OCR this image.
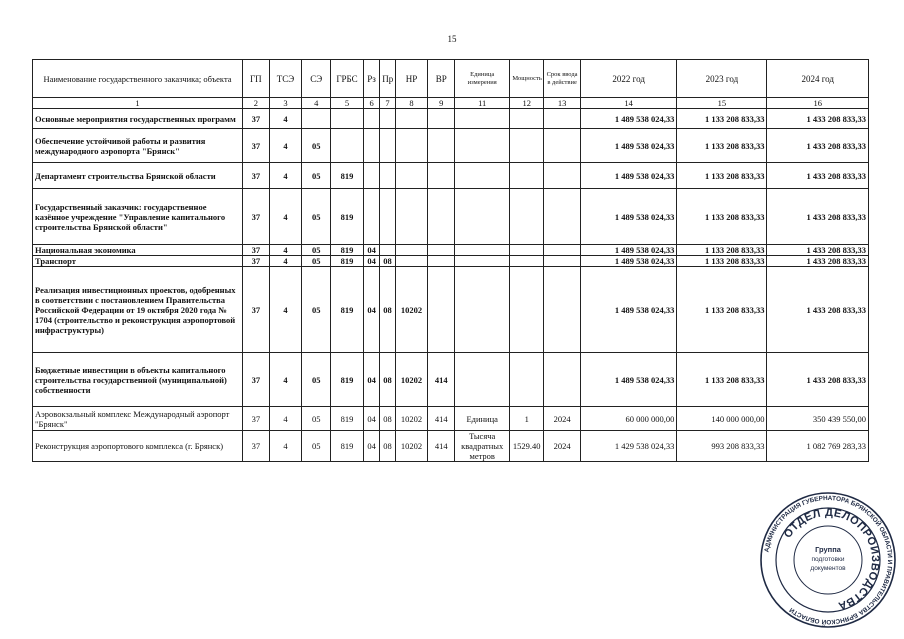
15
Наименование государственного заказчика; объекта	ГП	ТСЭ	СЭ	ГРБС	Рз	Пр	НР	ВР	Единица измерения	Мощность	Срок ввода в действие	2022 год	2023 год	2024 год
1	2	3	4	5	6	7	8	9	11	12	13	14	15	16
Основные мероприятия государственных программ	37	4										1 489 538 024,33	1 133 208 833,33	1 433 208 833,33
Обеспечение устойчивой работы и развития международного аэропорта "Брянск"	37	4	05									1 489 538 024,33	1 133 208 833,33	1 433 208 833,33
Департамент строительства Брянской области	37	4	05	819								1 489 538 024,33	1 133 208 833,33	1 433 208 833,33
Государственный заказчик: государственное казённое учреждение "Управление капитального строительства Брянской области"	37	4	05	819								1 489 538 024,33	1 133 208 833,33	1 433 208 833,33
Национальная экономика	37	4	05	819	04							1 489 538 024,33	1 133 208 833,33	1 433 208 833,33
Транспорт	37	4	05	819	04	08						1 489 538 024,33	1 133 208 833,33	1 433 208 833,33
Реализация инвестиционных проектов, одобренных в соответствии с постановлением Правительства Российской Федерации от 19 октября 2020 года № 1704 (строительство и реконструкция аэропортовой инфраструктуры)	37	4	05	819	04	08	10202					1 489 538 024,33	1 133 208 833,33	1 433 208 833,33
Бюджетные инвестиции в объекты капитального строительства государственной (муниципальной) собственности	37	4	05	819	04	08	10202	414				1 489 538 024,33	1 133 208 833,33	1 433 208 833,33
Аэровокзальный комплекс Международный аэропорт "Брянск"	37	4	05	819	04	08	10202	414	Единица	1	2024	60 000 000,00	140 000 000,00	350 439 550,00
Реконструкция аэропортового комплекса (г. Брянск)	37	4	05	819	04	08	10202	414	Тысяча квадратных метров	1529.40	2024	1 429 538 024,33	993 208 833,33	1 082 769 283,33
АДМИНИСТРАЦИЯ ГУБЕРНАТОРА БРЯНСКОЙ ОБЛАСТИ И ПРАВИТЕЛЬСТВА БРЯНСКОЙ ОБЛАСТИ
ОТДЕЛ ДЕЛОПРОИЗВОДСТВА
Группа
подготовки
документов
